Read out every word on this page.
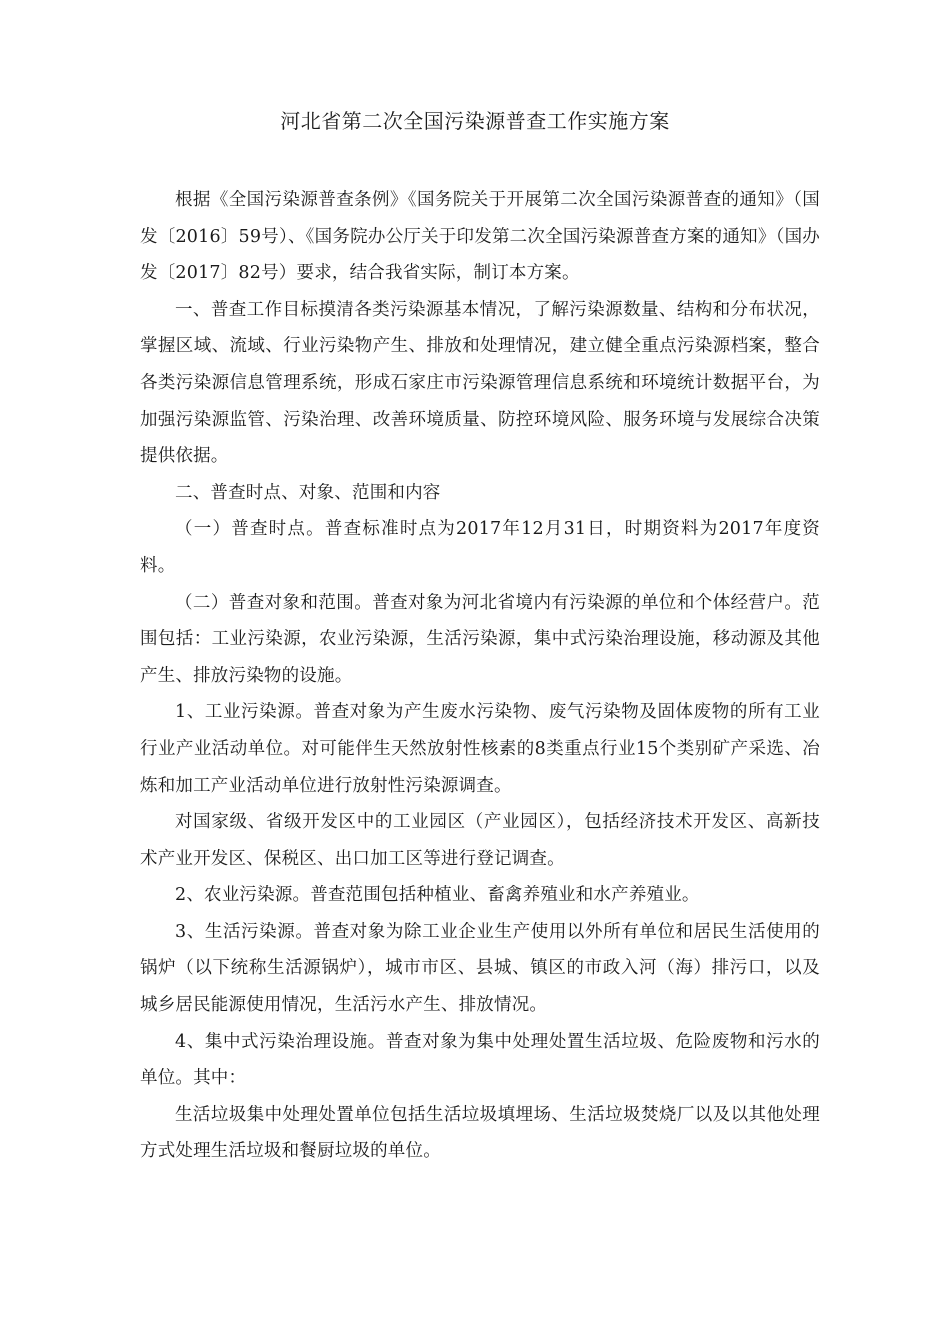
河北省第二次全国污染源普查工作实施方案

根据《全国污染源普查条例》《国务院关于开展第二次全国污染源普查的通知》（国发〔2016〕59号）、《国务院办公厅关于印发第二次全国污染源普查方案的通知》（国办发〔2017〕82号）要求，结合我省实际，制订本方案。

一、普查工作目标摸清各类污染源基本情况，了解污染源数量、结构和分布状况，掌握区域、流域、行业污染物产生、排放和处理情况，建立健全重点污染源档案，整合各类污染源信息管理系统，形成石家庄市污染源管理信息系统和环境统计数据平台，为加强污染源监管、污染治理、改善环境质量、防控环境风险、服务环境与发展综合决策提供依据。

二、普查时点、对象、范围和内容

（一）普查时点。普查标准时点为2017年12月31日，时期资料为2017年度资料。

（二）普查对象和范围。普查对象为河北省境内有污染源的单位和个体经营户。范围包括：工业污染源，农业污染源，生活污染源，集中式污染治理设施，移动源及其他产生、排放污染物的设施。

1、工业污染源。普查对象为产生废水污染物、废气污染物及固体废物的所有工业行业产业活动单位。对可能伴生天然放射性核素的8类重点行业15个类别矿产采选、冶炼和加工产业活动单位进行放射性污染源调查。

对国家级、省级开发区中的工业园区（产业园区），包括经济技术开发区、高新技术产业开发区、保税区、出口加工区等进行登记调查。

2、农业污染源。普查范围包括种植业、畜禽养殖业和水产养殖业。

3、生活污染源。普查对象为除工业企业生产使用以外所有单位和居民生活使用的锅炉（以下统称生活源锅炉），城市市区、县城、镇区的市政入河（海）排污口，以及城乡居民能源使用情况，生活污水产生、排放情况。

4、集中式污染治理设施。普查对象为集中处理处置生活垃圾、危险废物和污水的单位。其中：

生活垃圾集中处理处置单位包括生活垃圾填埋场、生活垃圾焚烧厂以及以其他处理方式处理生活垃圾和餐厨垃圾的单位。
